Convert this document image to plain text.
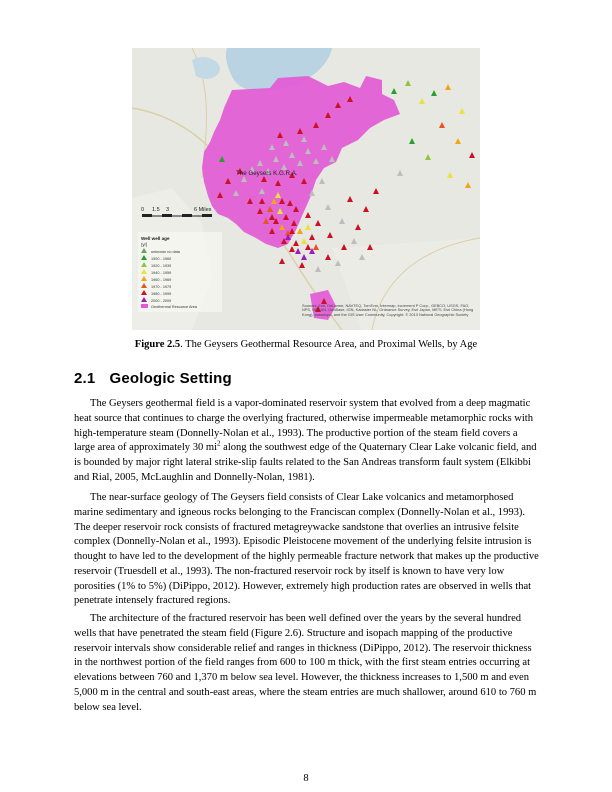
The Geysers K.G.R.A.
0 1.5 3	6 Miles
Well well age
(yr)
unknown no data
1900 - 1960
1920 - 1939
1940 - 1959
1960 - 1969
1970 - 1979
1980 - 1999
2000 - 2009
Geothermal Resource Area	Sources: Esri, DeLorme, NAVTEQ, TomTom, Intermap, increment P Corp., GEBCO, USGS, FAO, NPS, NRCAN, GeoBase, IGN, Kadaster NL, Ordnance Survey, Esri Japan, METI, Esri China (Hong Kong), swisstopo, and the GIS User Community, Copyright: © 2013 National Geographic Society
Figure 2.5. The Geysers Geothermal Resource Area, and Proximal Wells, by Age
2.1 Geologic Setting

The Geysers geothermal field is a vapor-dominated reservoir system that evolved from a deep magmatic heat source that continues to charge the overlying fractured, otherwise impermeable metamorphic rocks with high-temperature steam (Donnelly-Nolan et al., 1993). The productive portion of the steam field covers a large area of approximately 30 $mi^2$ along the southwest edge of the Quaternary Clear Lake volcanic field, and is bounded by major right lateral strike-slip faults related to the San Andreas transform fault system (Elkibbi and Rial, 2005, McLaughlin and Donnelly-Nolan, 1981).

The near-surface geology of The Geysers field consists of Clear Lake volcanics and metamorphosed marine sedimentary and igneous rocks belonging to the Franciscan complex (Donnelly-Nolan et al., 1993). The deeper reservoir rock consists of fractured metagreywacke sandstone that overlies an intrusive felsite complex (Donnelly-Nolan et al., 1993). Episodic Pleistocene movement of the underlying felsite intrusion is thought to have led to the development of the highly permeable fracture network that makes up the productive reservoir (Truesdell et al., 1993). The non-fractured reservoir rock by itself is known to have very low porosities (1% to 5%) (DiPippo, 2012). However, extremely high production rates are observed in wells that penetrate intensely fractured regions.

The architecture of the fractured reservoir has been well defined over the years by the several hundred wells that have penetrated the steam field (Figure 2.6). Structure and isopach mapping of the productive reservoir intervals show considerable relief and ranges in thickness (DiPippo, 2012). The reservoir thickness in the northwest portion of the field ranges from 600 to 100 m thick, with the first steam entries occurring at elevations between 760 and 1,370 m below sea level. However, the thickness increases to 1,500 m and even 5,000 m in the central and south-east areas, where the steam entries are much shallower, around 610 to 760 m below sea level.

8
